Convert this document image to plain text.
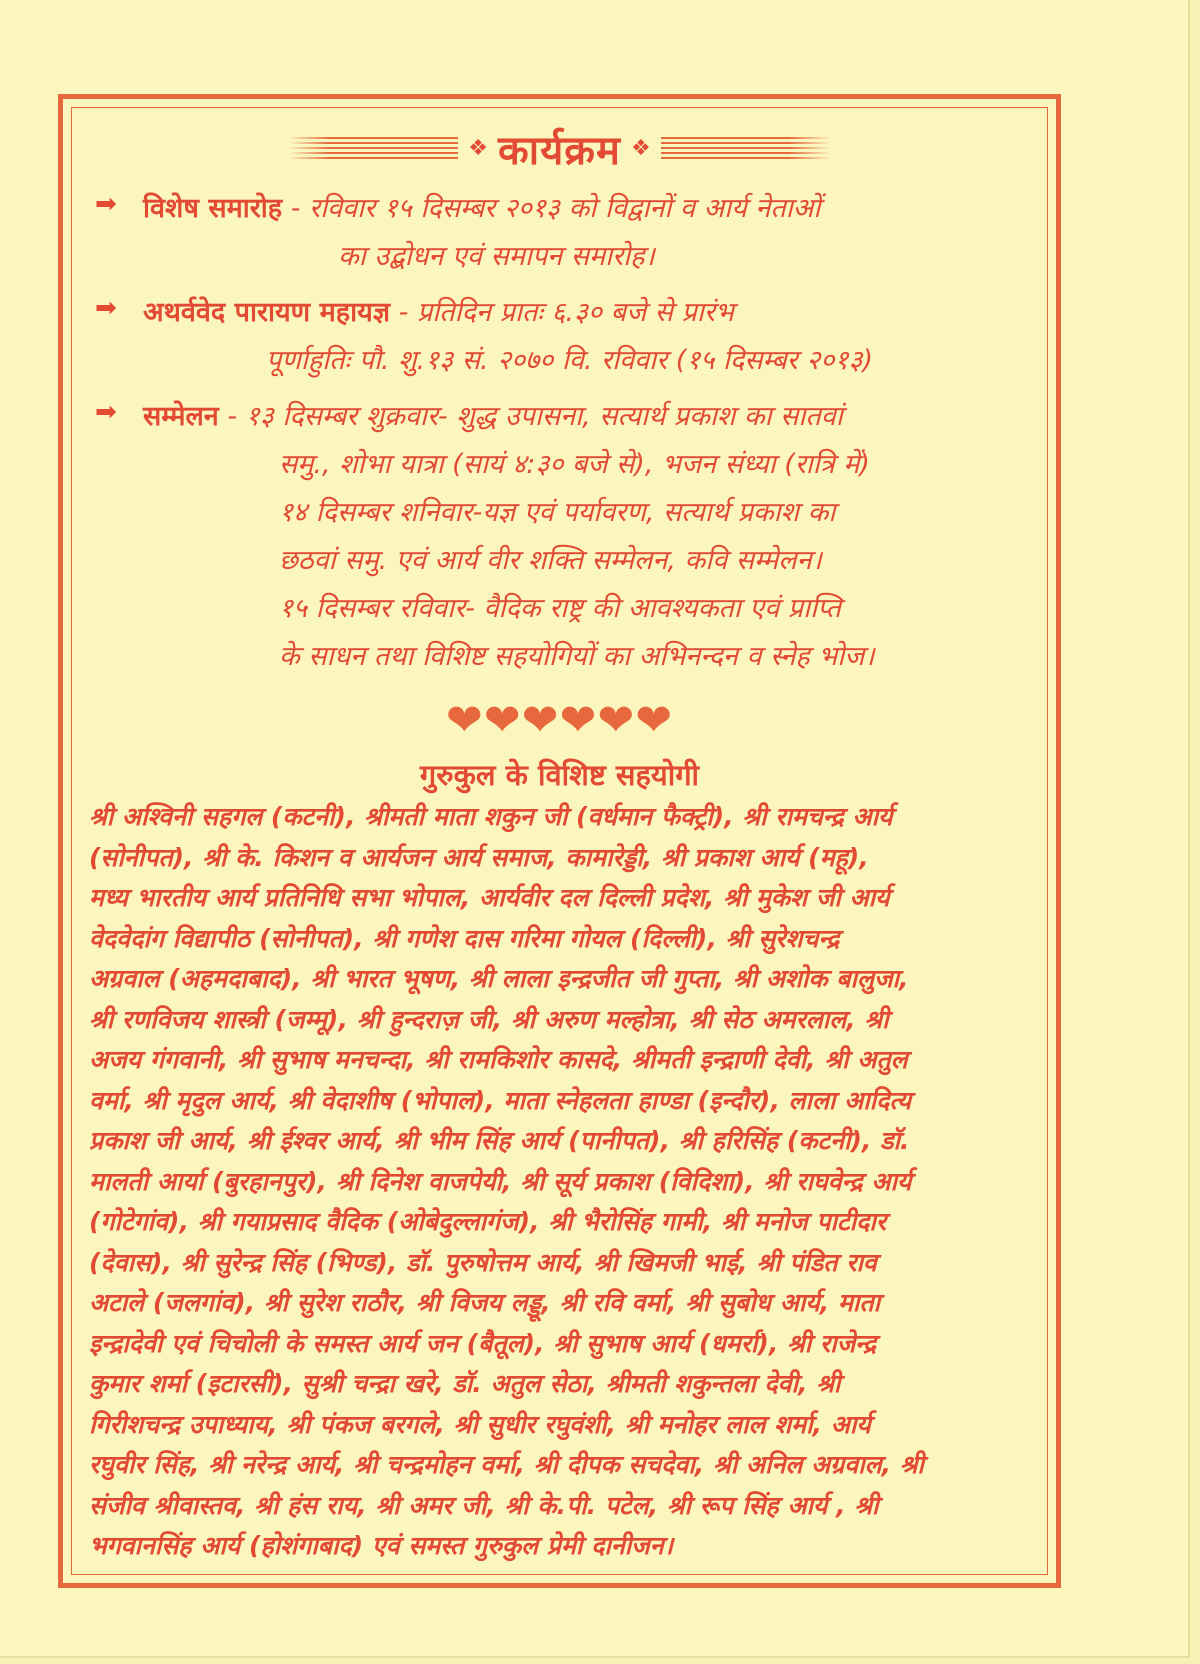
❖ कार्यक्रम ❖
➡ विशेष समारोह - रविवार १५ दिसम्बर २०१३ को विद्वानों व आर्य नेताओं
का उद्बोधन एवं समापन समारोह।
➡ अथर्ववेद पारायण महायज्ञ - प्रतिदिन प्रातः ६.३० बजे से प्रारंभ
पूर्णाहुतिः पौ. शु.१३ सं. २०७० वि. रविवार (१५ दिसम्बर २०१३)
➡ सम्मेलन - १३ दिसम्बर शुक्रवार- शुद्ध उपासना, सत्यार्थ प्रकाश का सातवां
समु., शोभा यात्रा (सायं ४:३० बजे से), भजन संध्या (रात्रि में)
१४ दिसम्बर शनिवार-यज्ञ एवं पर्यावरण, सत्यार्थ प्रकाश का
छठवां समु. एवं आर्य वीर शक्ति सम्मेलन, कवि सम्मेलन।
१५ दिसम्बर रविवार- वैदिक राष्ट्र की आवश्यकता एवं प्राप्ति
के साधन तथा विशिष्ट सहयोगियों का अभिनन्दन व स्नेह भोज।
❤❤❤❤❤❤
गुरुकुल के विशिष्ट सहयोगी
श्री अश्विनी सहगल (कटनी), श्रीमती माता शकुन जी (वर्धमान फैक्ट्री), श्री रामचन्द्र आर्य
(सोनीपत), श्री के. किशन व आर्यजन आर्य समाज, कामारेड्डी, श्री प्रकाश आर्य (महू),
मध्य भारतीय आर्य प्रतिनिधि सभा भोपाल, आर्यवीर दल दिल्ली प्रदेश, श्री मुकेश जी आर्य
वेदवेदांग विद्यापीठ (सोनीपत), श्री गणेश दास गरिमा गोयल (दिल्ली), श्री सुरेशचन्द्र
अग्रवाल (अहमदाबाद), श्री भारत भूषण, श्री लाला इन्द्रजीत जी गुप्ता, श्री अशोक बालुजा,
श्री रणविजय शास्त्री (जम्मू), श्री हुन्दराज़ जी, श्री अरुण मल्होत्रा, श्री सेठ अमरलाल, श्री
अजय गंगवानी, श्री सुभाष मनचन्दा, श्री रामकिशोर कासदे, श्रीमती इन्द्राणी देवी, श्री अतुल
वर्मा, श्री मृदुल आर्य, श्री वेदाशीष (भोपाल), माता स्नेहलता हाण्डा (इन्दौर), लाला आदित्य
प्रकाश जी आर्य, श्री ईश्वर आर्य, श्री भीम सिंह आर्य (पानीपत), श्री हरिसिंह (कटनी), डॉ.
मालती आर्या (बुरहानपुर), श्री दिनेश वाजपेयी, श्री सूर्य प्रकाश (विदिशा), श्री राघवेन्द्र आर्य
(गोटेगांव), श्री गयाप्रसाद वैदिक (ओबेदुल्लागंज), श्री भैरोसिंह गामी, श्री मनोज पाटीदार
(देवास), श्री सुरेन्द्र सिंह (भिण्ड), डॉ. पुरुषोत्तम आर्य, श्री खिमजी भाई, श्री पंडित राव
अटाले (जलगांव), श्री सुरेश राठौर, श्री विजय लड्डू, श्री रवि वर्मा, श्री सुबोध आर्य, माता
इन्द्रादेवी एवं चिचोली के समस्त आर्य जन (बैतूल), श्री सुभाष आर्य (धमर्रा), श्री राजेन्द्र
कुमार शर्मा (इटारसी), सुश्री चन्द्रा खरे, डॉ. अतुल सेठा, श्रीमती शकुन्तला देवी, श्री
गिरीशचन्द्र उपाध्याय, श्री पंकज बरगले, श्री सुधीर रघुवंशी, श्री मनोहर लाल शर्मा, आर्य
रघुवीर सिंह, श्री नरेन्द्र आर्य, श्री चन्द्रमोहन वर्मा, श्री दीपक सचदेवा, श्री अनिल अग्रवाल, श्री
संजीव श्रीवास्तव, श्री हंस राय, श्री अमर जी, श्री के.पी. पटेल, श्री रूप सिंह आर्य , श्री
भगवानसिंह आर्य (होशंगाबाद) एवं समस्त गुरुकुल प्रेमी दानीजन।
